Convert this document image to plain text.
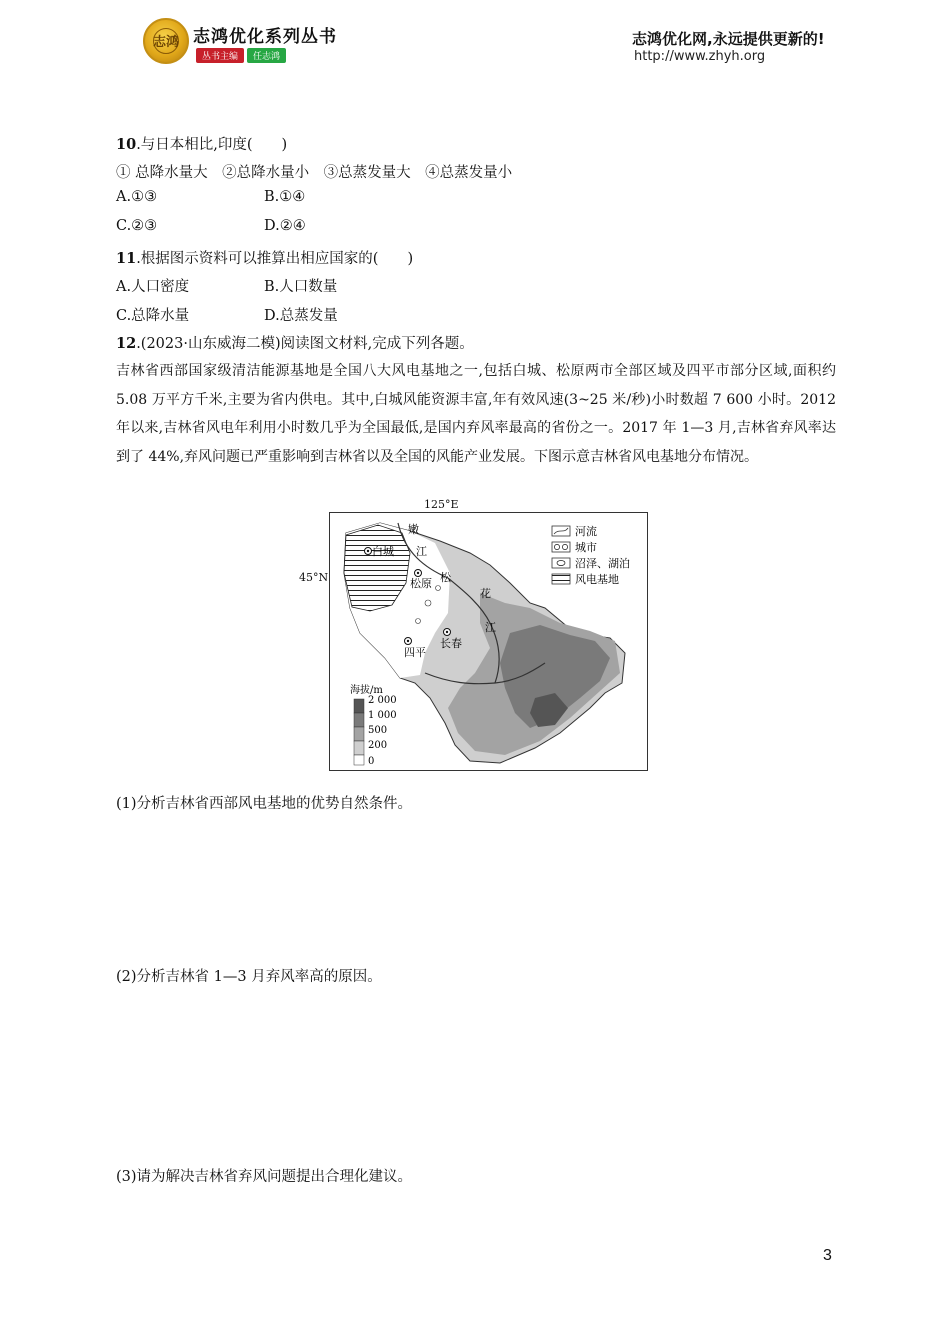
志鸿 志鸿优化系列丛书
丛书主编	任志鸿
志鸿优化网,永远提供更新的!
http://www.zhyh.org
10.与日本相比,印度(　　)
① 总降水量大　②总降水量小　③总蒸发量大　④总蒸发量小
A.①③	B.①④
C.②③	D.②④
11.根据图示资料可以推算出相应国家的(　　)
A.人口密度	B.人口数量
C.总降水量	D.总蒸发量
12.(2023·山东威海二模)阅读图文材料,完成下列各题。
吉林省西部国家级清洁能源基地是全国八大风电基地之一,包括白城、松原两市全部区域及四平市部分区域,面积约 5.08 万平方千米,主要为省内供电。其中,白城风能资源丰富,年有效风速(3~25 米/秒)小时数超 7 600 小时。2012 年以来,吉林省风电年利用小时数几乎为全国最低,是国内弃风率最高的省份之一。2017 年 1—3 月,吉林省弃风率达到了 44%,弃风问题已严重影响到吉林省以及全国的风能产业发展。下图示意吉林省风电基地分布情况。
嫩
江
白城
松
松原
花
江
长春
四平
河流
城市
沼泽、湖泊
风电基地
海拔/m
2 000
1 000
500
200
0
125°E
45°N
(1)分析吉林省西部风电基地的优势自然条件。
(2)分析吉林省 1—3 月弃风率高的原因。
(3)请为解决吉林省弃风问题提出合理化建议。
3
